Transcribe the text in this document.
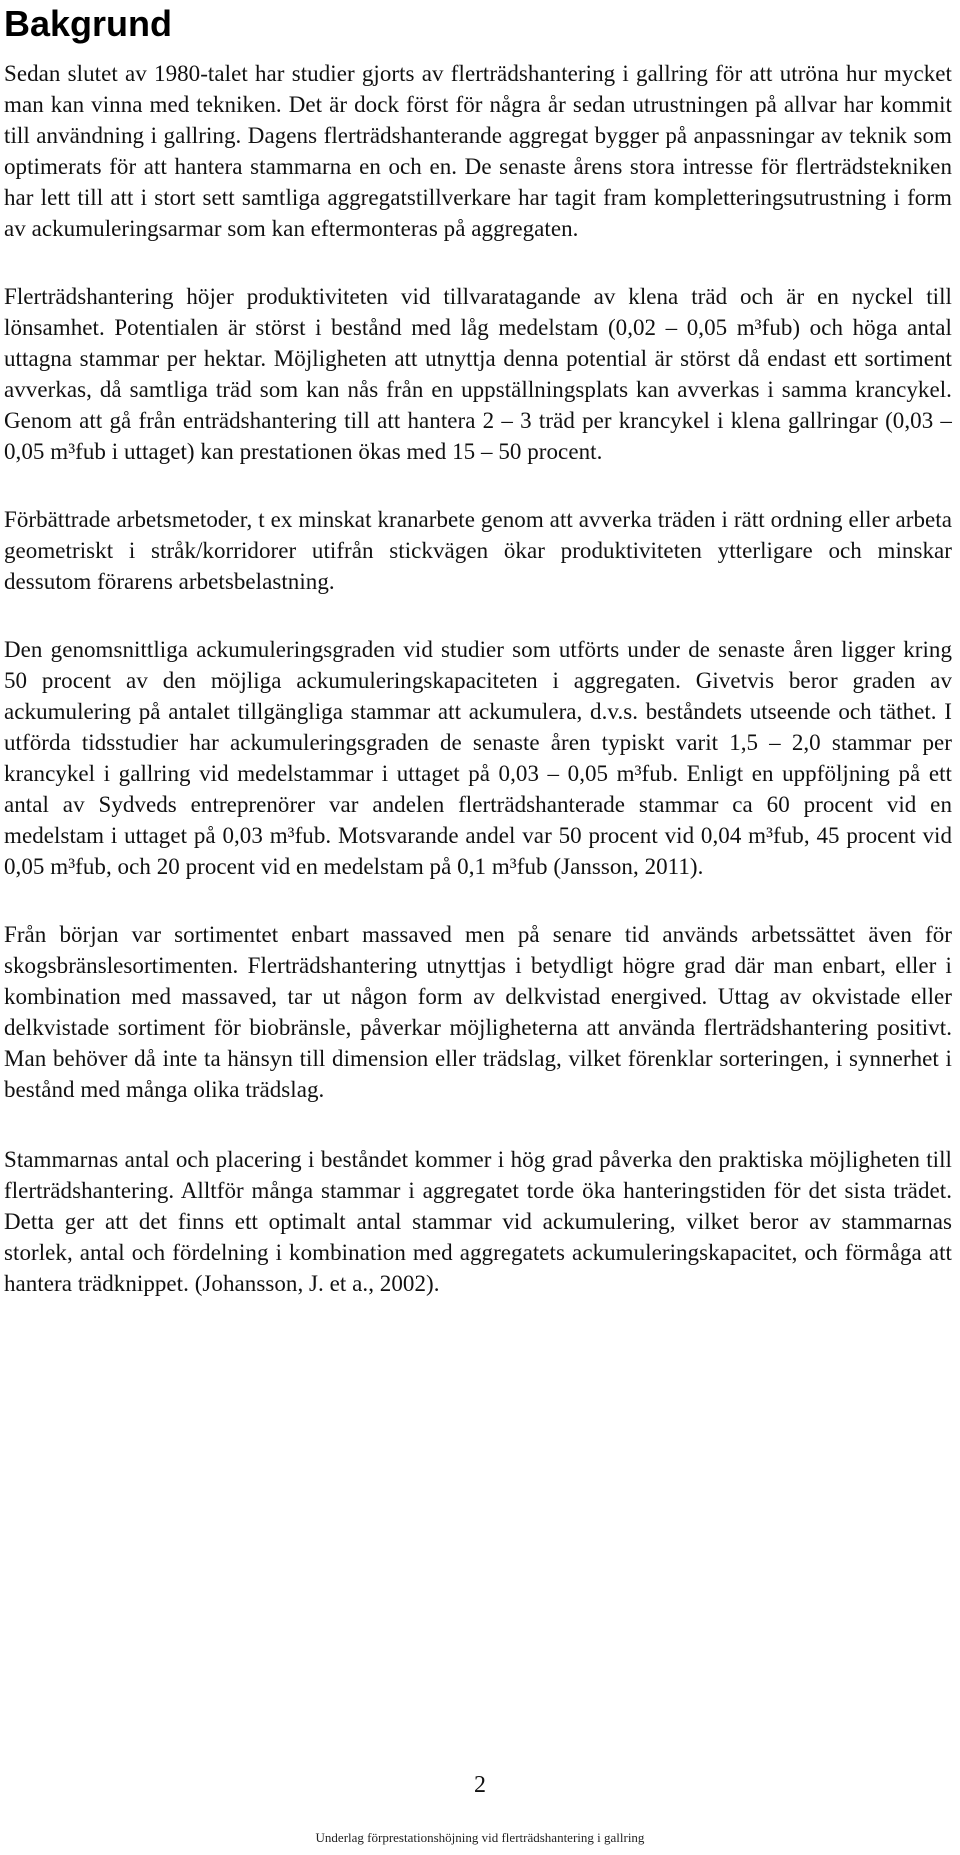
Bakgrund

Sedan slutet av 1980-talet har studier gjorts av flerträdshantering i gallring för att utröna hur mycket man kan vinna med tekniken. Det är dock först för några år sedan utrustningen på allvar har kommit till användning i gallring. Dagens flerträdshanterande aggregat bygger på anpassningar av teknik som optimerats för att hantera stammarna en och en. De senaste årens stora intresse för flerträdstekniken har lett till att i stort sett samtliga aggregatstillverkare har tagit fram kompletteringsutrustning i form av ackumuleringsarmar som kan eftermonteras på aggregaten.

Flerträdshantering höjer produktiviteten vid tillvaratagande av klena träd och är en nyckel till lönsamhet. Potentialen är störst i bestånd med låg medelstam (0,02 – 0,05 m³fub) och höga antal uttagna stammar per hektar. Möjligheten att utnyttja denna potential är störst då endast ett sortiment avverkas, då samtliga träd som kan nås från en uppställningsplats kan avverkas i samma krancykel. Genom att gå från enträdshantering till att hantera 2 – 3 träd per krancykel i klena gallringar (0,03 – 0,05 m³fub i uttaget) kan prestationen ökas med 15 – 50 procent.

Förbättrade arbetsmetoder, t ex minskat kranarbete genom att avverka träden i rätt ordning eller arbeta geometriskt i stråk/korridorer utifrån stickvägen ökar produktiviteten ytterligare och minskar dessutom förarens arbetsbelastning.

Den genomsnittliga ackumuleringsgraden vid studier som utförts under de senaste åren ligger kring 50 procent av den möjliga ackumuleringskapaciteten i aggregaten. Givetvis beror graden av ackumulering på antalet tillgängliga stammar att ackumulera, d.v.s. beståndets utseende och täthet. I utförda tidsstudier har ackumuleringsgraden de senaste åren typiskt varit 1,5 – 2,0 stammar per krancykel i gallring vid medelstammar i uttaget på 0,03 – 0,05 m³fub. Enligt en uppföljning på ett antal av Sydveds entreprenörer var andelen flerträdshanterade stammar ca 60 procent vid en medelstam i uttaget på 0,03 m³fub. Motsvarande andel var 50 procent vid 0,04 m³fub, 45 procent vid 0,05 m³fub, och 20 procent vid en medelstam på 0,1 m³fub (Jansson, 2011).

Från början var sortimentet enbart massaved men på senare tid används arbetssättet även för skogsbränslesortimenten. Flerträdshantering utnyttjas i betydligt högre grad där man enbart, eller i kombination med massaved, tar ut någon form av delkvistad energived. Uttag av okvistade eller delkvistade sortiment för biobränsle, påverkar möjligheterna att använda flerträdshantering positivt. Man behöver då inte ta hänsyn till dimension eller trädslag, vilket förenklar sorteringen, i synnerhet i bestånd med många olika trädslag.

Stammarnas antal och placering i beståndet kommer i hög grad påverka den praktiska möjligheten till flerträdshantering. Alltför många stammar i aggregatet torde öka hanteringstiden för det sista trädet. Detta ger att det finns ett optimalt antal stammar vid ackumulering, vilket beror av stammarnas storlek, antal och fördelning i kombination med aggregatets ackumuleringskapacitet, och förmåga att hantera trädknippet. (Johansson, J. et a., 2002).

2
Underlag förprestationshöjning vid flerträdshantering i gallring
